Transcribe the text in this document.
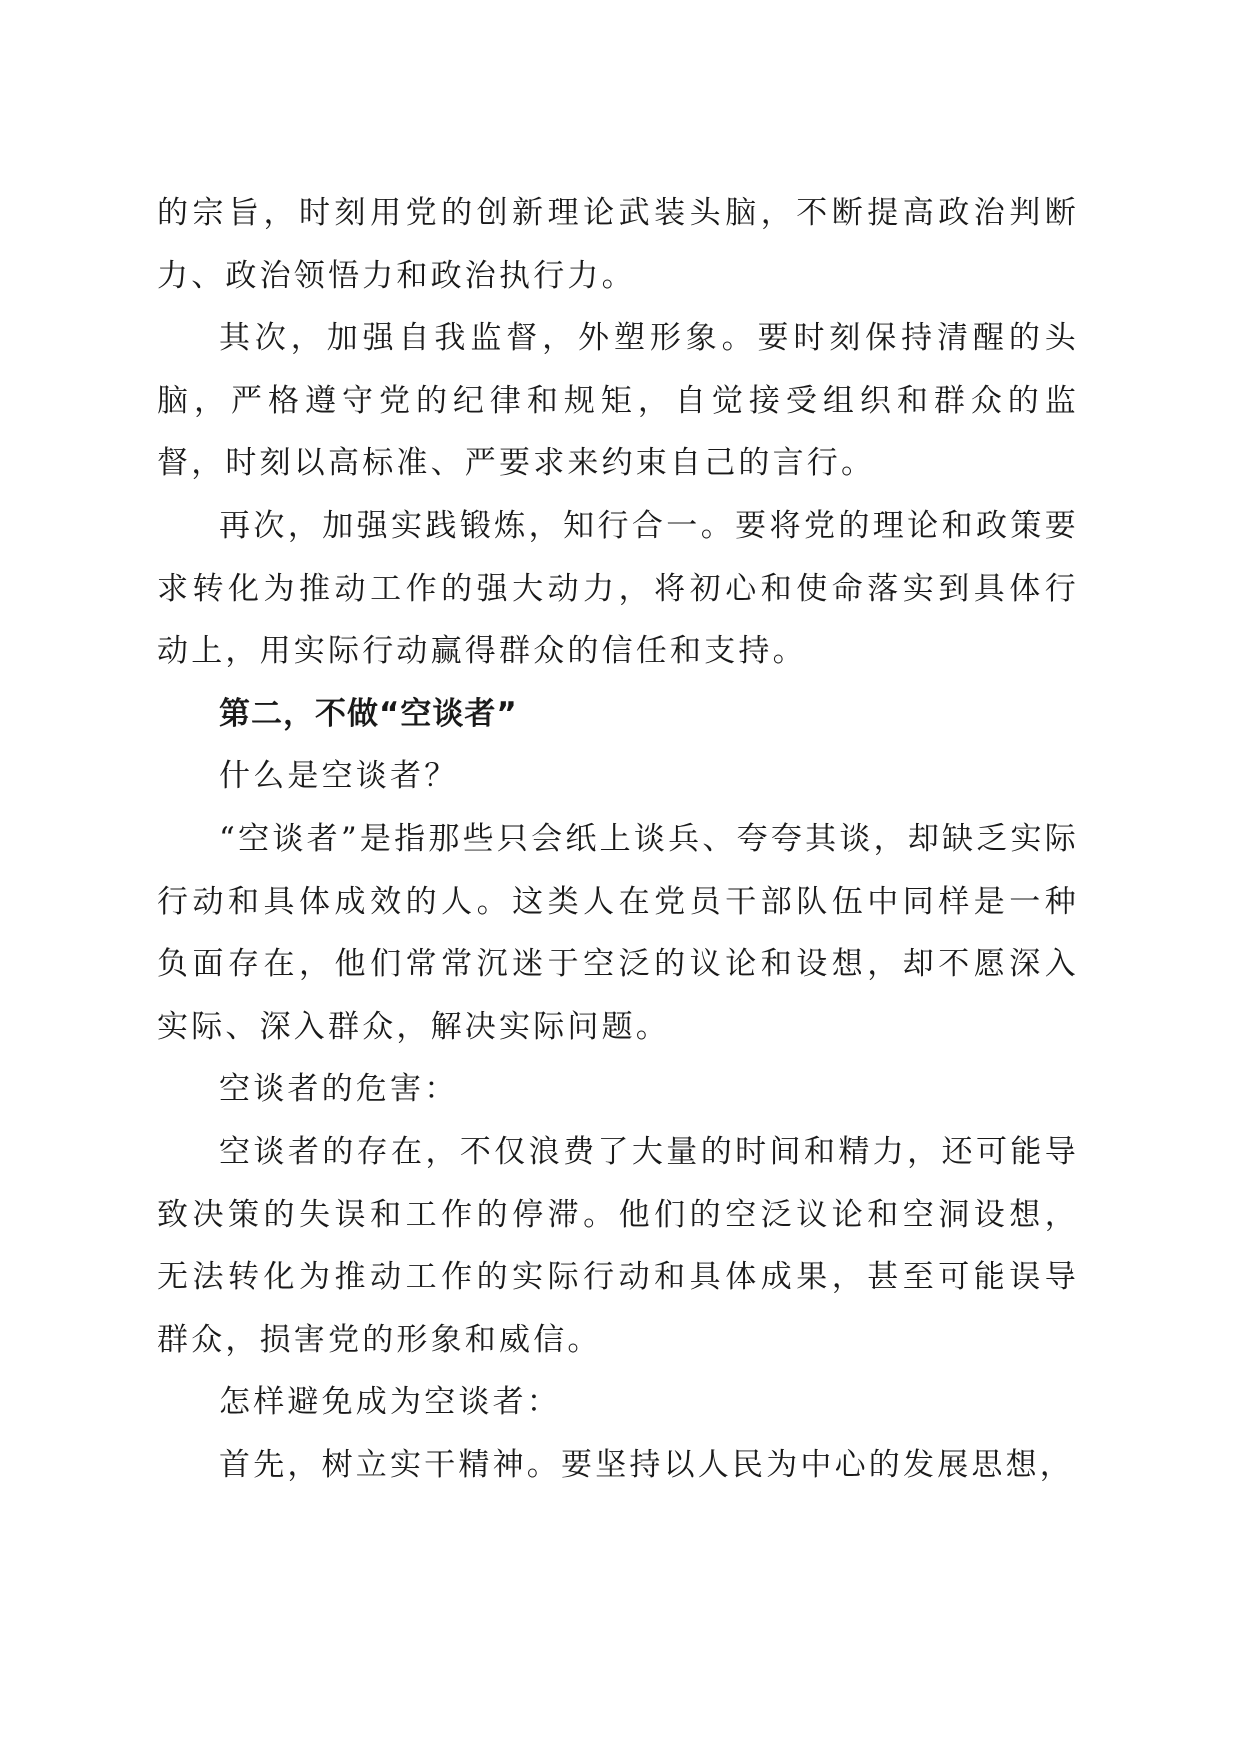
的宗旨，时刻用党的创新理论武装头脑，不断提高政治判断力、政治领悟力和政治执行力。

其次，加强自我监督，外塑形象。要时刻保持清醒的头脑，严格遵守党的纪律和规矩，自觉接受组织和群众的监督，时刻以高标准、严要求来约束自己的言行。

再次，加强实践锻炼，知行合一。要将党的理论和政策要求转化为推动工作的强大动力，将初心和使命落实到具体行动上，用实际行动赢得群众的信任和支持。

第二，不做“空谈者”

什么是空谈者？

“空谈者”是指那些只会纸上谈兵、夸夸其谈，却缺乏实际行动和具体成效的人。这类人在党员干部队伍中同样是一种负面存在，他们常常沉迷于空泛的议论和设想，却不愿深入实际、深入群众，解决实际问题。

空谈者的危害：

空谈者的存在，不仅浪费了大量的时间和精力，还可能导致决策的失误和工作的停滞。他们的空泛议论和空洞设想，无法转化为推动工作的实际行动和具体成果，甚至可能误导群众，损害党的形象和威信。

怎样避免成为空谈者：

首先，树立实干精神。要坚持以人民为中心的发展思想，
